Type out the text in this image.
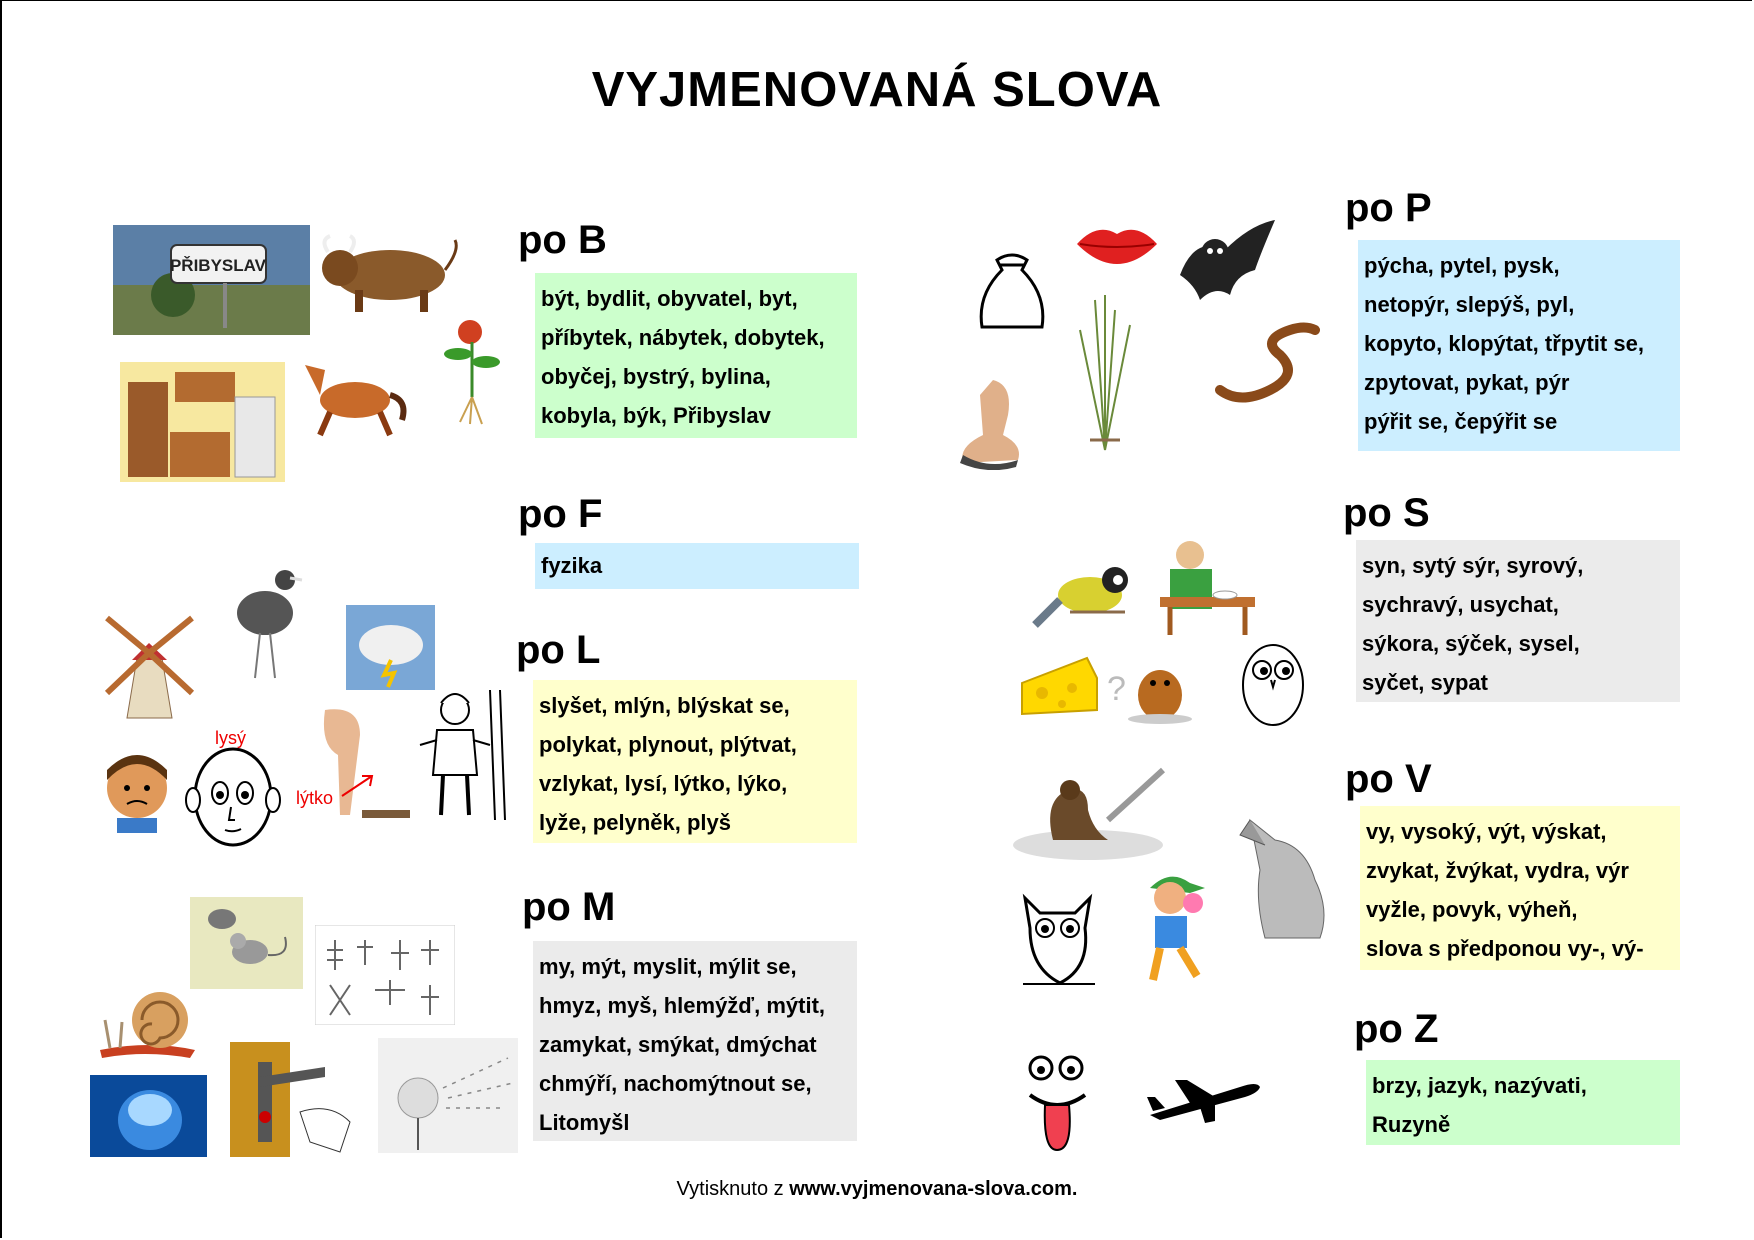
VYJMENOVANÁ SLOVA
po B
být, bydlit, obyvatel, byt,
příbytek, nábytek, dobytek,
obyčej, bystrý, bylina,
kobyla, býk, Přibyslav
po F
fyzika
po L
slyšet, mlýn, blýskat se,
polykat, plynout, plýtvat,
vzlykat, lysí, lýtko, lýko,
lyže, pelyněk, plyš
po M
my, mýt, myslit, mýlit se,
hmyz, myš, hlemýžď, mýtit,
zamykat, smýkat, dmýchat
chmýří, nachomýtnout se,
Litomyšl
po P
pýcha, pytel, pysk,
netopýr, slepýš, pyl,
kopyto, klopýtat, třpytit se,
zpytovat, pykat, pýr
pýřit se, čepýřit se
po S
syn, sytý sýr, syrový,
sychravý, usychat,
sýkora, sýček, sysel,
syčet, sypat
po V
vy, vysoký, výt, výskat,
zvykat, žvýkat, vydra, výr
vyžle, povyk, výheň,
slova s předponou vy-, vý-
po Z
brzy, jazyk, nazývati,
Ruzyně
PŘIBYSLAV
lysý
lýtko
?
Vytisknuto z www.vyjmenovana-slova.com.
